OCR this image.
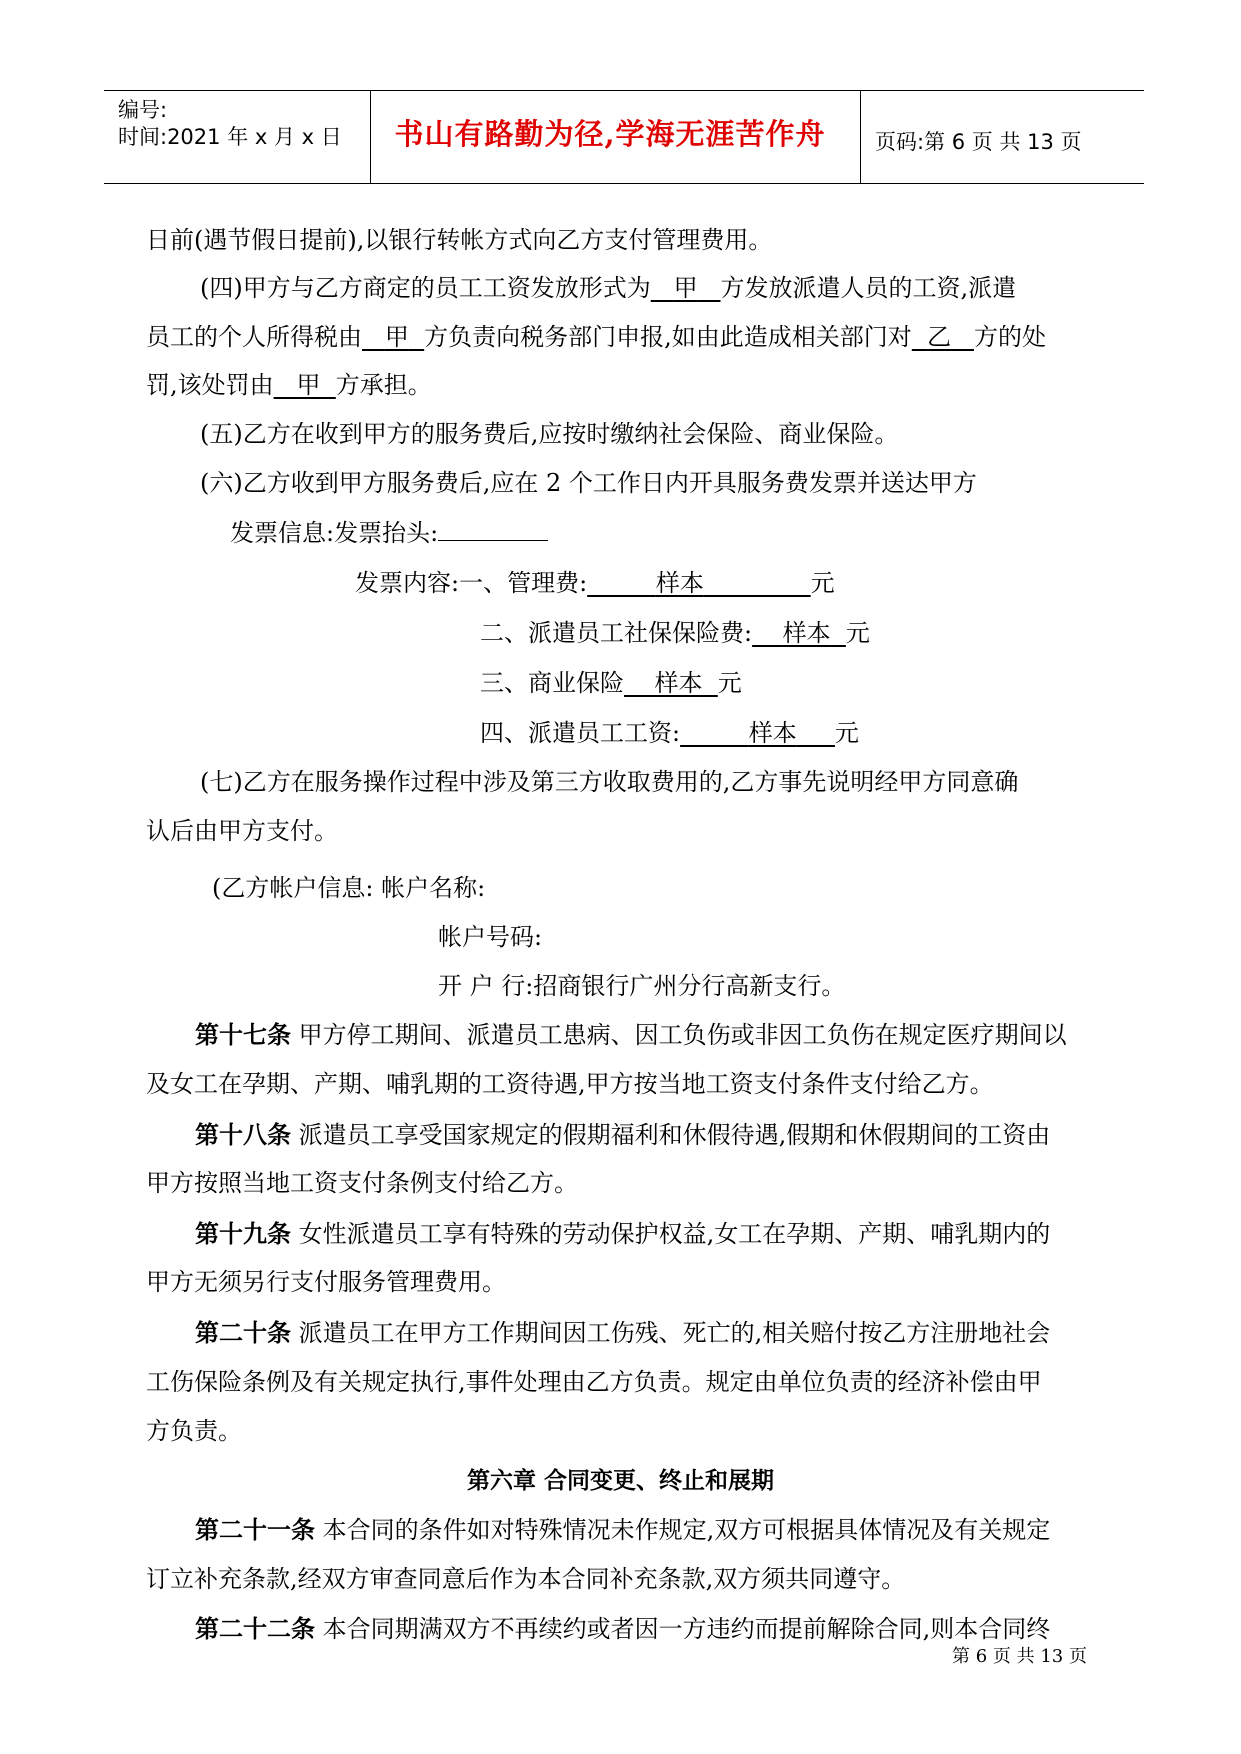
编号:
时间:2021 年 x 月 x 日	书山有路勤为径,学海无涯苦作舟	页码:第 6 页 共 13 页
日前(遇节假日提前),以银行转帐方式向乙方支付管理费用。
(四)甲方与乙方商定的员工工资发放形式为 甲 方发放派遣人员的工资,派遣
员工的个人所得税由 甲 方负责向税务部门申报,如由此造成相关部门对 乙 方的处
罚,该处罚由 甲 方承担。
(五)乙方在收到甲方的服务费后,应按时缴纳社会保险、商业保险。
(六)乙方收到甲方服务费后,应在 2 个工作日内开具服务费发票并送达甲方
发票信息:发票抬头:
发票内容:一、管理费:	样本	元
二、派遣员工社保保险费: 样本 元
三、商业保险 样本 元
四、派遣员工工资:	样本 元
(七)乙方在服务操作过程中涉及第三方收取费用的,乙方事先说明经甲方同意确
认后由甲方支付。
(乙方帐户信息: 帐户名称:
帐户号码:
开 户 行:招商银行广州分行高新支行。
第十七条 甲方停工期间、派遣员工患病、因工负伤或非因工负伤在规定医疗期间以
及女工在孕期、产期、哺乳期的工资待遇,甲方按当地工资支付条件支付给乙方。
第十八条 派遣员工享受国家规定的假期福利和休假待遇,假期和休假期间的工资由
甲方按照当地工资支付条例支付给乙方。
第十九条 女性派遣员工享有特殊的劳动保护权益,女工在孕期、产期、哺乳期内的
甲方无须另行支付服务管理费用。
第二十条 派遣员工在甲方工作期间因工伤残、死亡的,相关赔付按乙方注册地社会
工伤保险条例及有关规定执行,事件处理由乙方负责。规定由单位负责的经济补偿由甲
方负责。
第六章 合同变更、终止和展期
第二十一条 本合同的条件如对特殊情况未作规定,双方可根据具体情况及有关规定
订立补充条款,经双方审查同意后作为本合同补充条款,双方须共同遵守。
第二十二条 本合同期满双方不再续约或者因一方违约而提前解除合同,则本合同终
第 6 页 共 13 页
